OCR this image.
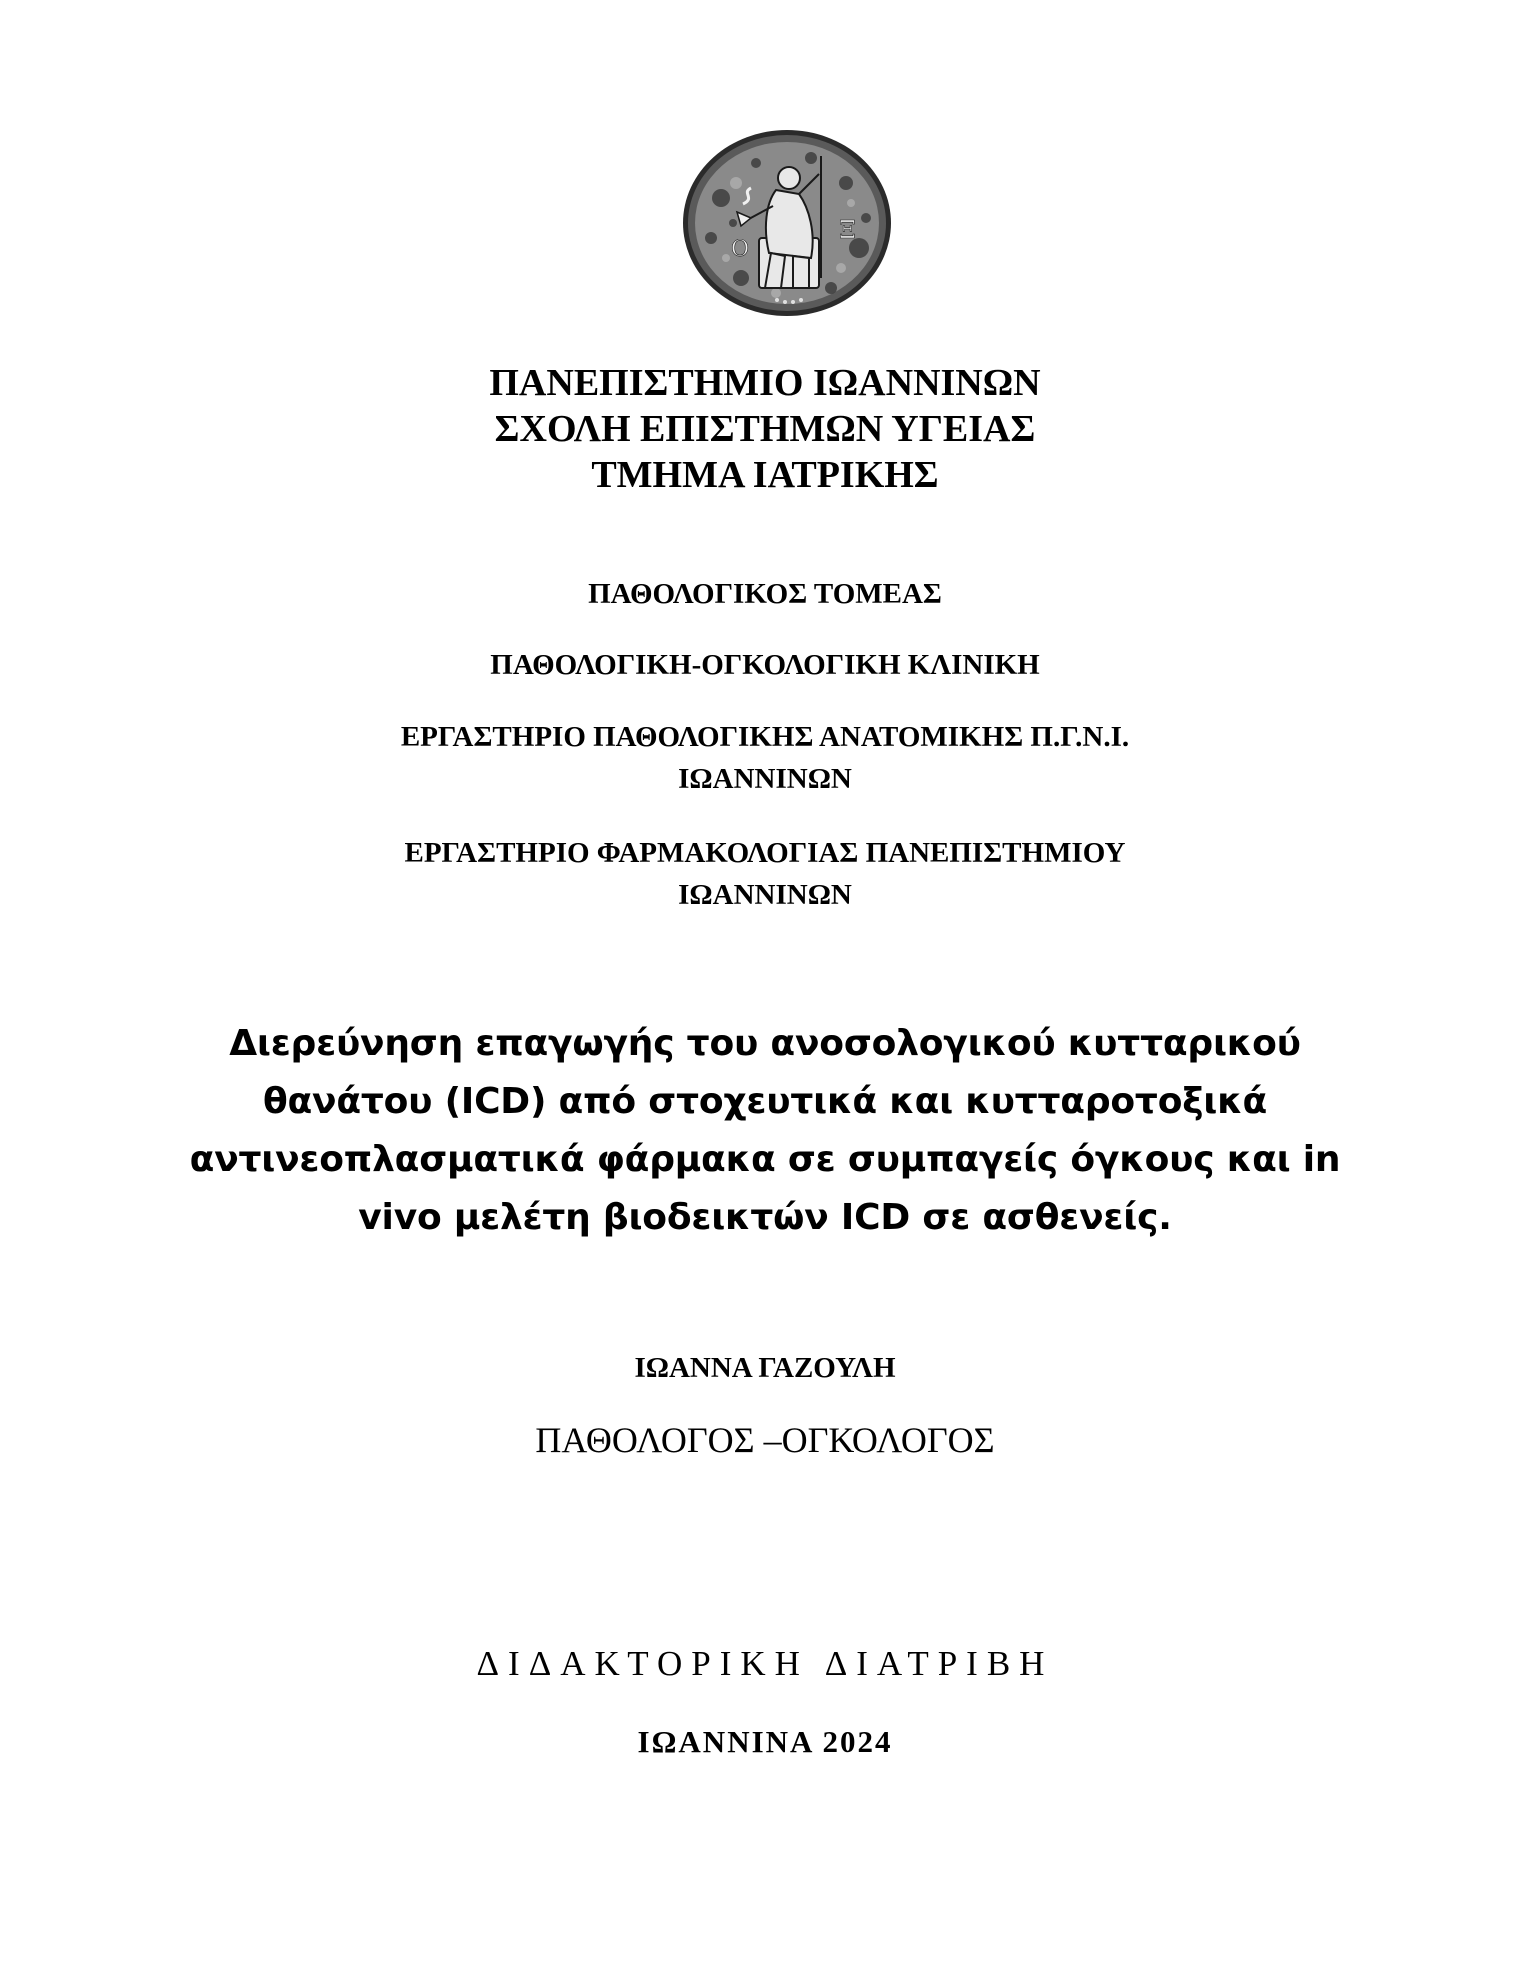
Ο
Ξ
ΠΑΝΕΠΙΣΤΗΜΙΟ ΙΩΑΝΝΙΝΩΝ
ΣΧΟΛΗ ΕΠΙΣΤΗΜΩΝ ΥΓΕΙΑΣ
ΤΜΗΜΑ ΙΑΤΡΙΚΗΣ
ΠΑΘΟΛΟΓΙΚΟΣ ΤΟΜΕΑΣ
ΠΑΘΟΛΟΓΙΚΗ-ΟΓΚΟΛΟΓΙΚΗ ΚΛΙΝΙΚΗ
ΕΡΓΑΣΤΗΡΙΟ ΠΑΘΟΛΟΓΙΚΗΣ ΑΝΑΤΟΜΙΚΗΣ Π.Γ.Ν.Ι.
ΙΩΑΝΝΙΝΩΝ
ΕΡΓΑΣΤΗΡΙΟ ΦΑΡΜΑΚΟΛΟΓΙΑΣ ΠΑΝΕΠΙΣΤΗΜΙΟΥ
ΙΩΑΝΝΙΝΩΝ
Διερεύνηση επαγωγής του ανοσολογικού κυτταρικού
θανάτου (ICD) από στοχευτικά και κυτταροτοξικά
αντινεοπλασματικά φάρμακα σε συμπαγείς όγκους και in
vivo μελέτη βιοδεικτών ICD σε ασθενείς.
ΙΩΑΝΝΑ ΓΑΖΟΥΛΗ
ΠΑΘΟΛΟΓΟΣ –ΟΓΚΟΛΟΓΟΣ
ΔΙΔΑΚΤΟΡΙΚΗ ΔΙΑΤΡΙΒΗ
ΙΩΑΝΝΙΝΑ 2024
